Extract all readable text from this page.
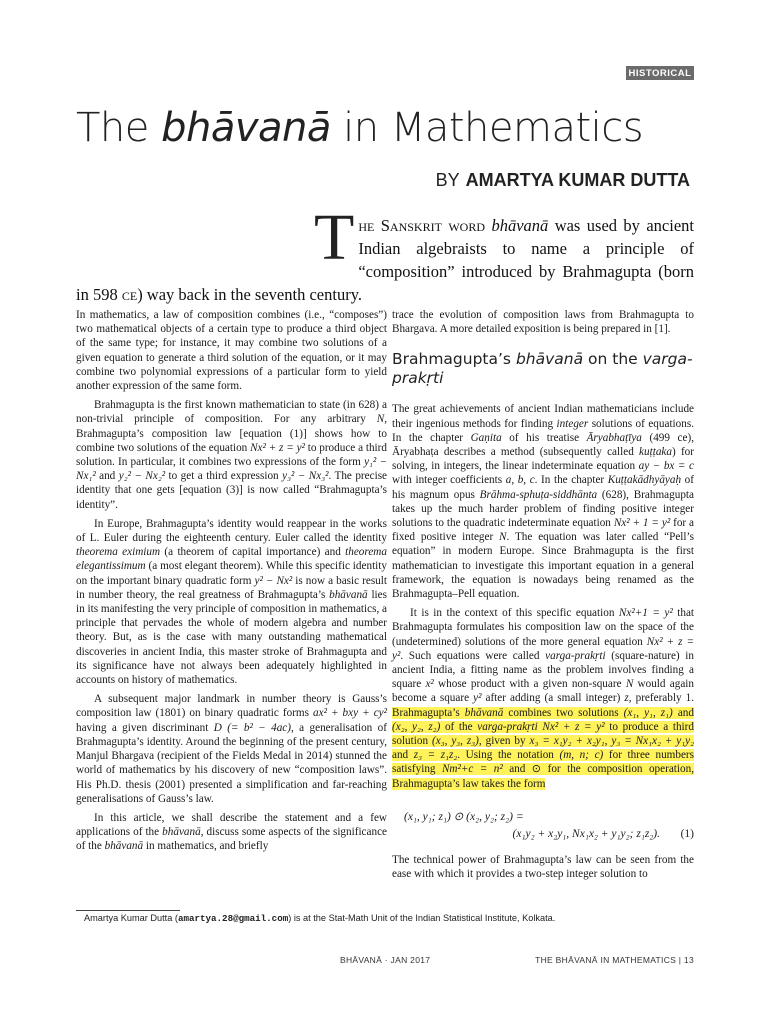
HISTORICAL
The bhāvanā in Mathematics
BY AMARTYA KUMAR DUTTA
The Sanskrit word bhāvanā was used by ancient Indian algebraists to name a principle of “composition” introduced by Brahmagupta (born in 598 ce) way back in the seventh century.

In mathematics, a law of composition combines (i.e., “composes”) two mathematical objects of a certain type to produce a third object of the same type; for instance, it may combine two solutions of a given equation to generate a third solution of the equation, or it may combine two polynomial expressions of a particular form to yield another expression of the same form.

Brahmagupta is the first known mathematician to state (in 628) a non-trivial principle of composition. For any arbitrary N, Brahmagupta’s composition law [equation (1)] shows how to combine two solutions of the equation Nx² + z = y² to produce a third solution. In particular, it combines two expressions of the form y₁² − Nx₁² and y₂² − Nx₂² to get a third expression y₃² − Nx₃². The precise identity that one gets [equation (3)] is now called “Brahmagupta’s identity”.

In Europe, Brahmagupta’s identity would reappear in the works of L. Euler during the eighteenth century. Euler called the identity theorema eximium (a theorem of capital importance) and theorema elegantissimum (a most elegant theorem). While this specific identity on the important binary quadratic form y² − Nx² is now a basic result in number theory, the real greatness of Brahmagupta’s bhāvanā lies in its manifesting the very principle of composition in mathematics, a principle that pervades the whole of modern algebra and number theory. But, as is the case with many outstanding mathematical discoveries in ancient India, this master stroke of Brahmagupta and its significance have not always been adequately highlighted in accounts on history of mathematics.

A subsequent major landmark in number theory is Gauss’s composition law (1801) on binary quadratic forms ax² + bxy + cy² having a given discriminant D (= b² − 4ac), a generalisation of Brahmagupta’s identity. Around the beginning of the present century, Manjul Bhargava (recipient of the Fields Medal in 2014) stunned the world of mathematics by his discovery of new “composition laws”. His Ph.D. thesis (2001) presented a simplification and far-reaching generalisations of Gauss’s law.

In this article, we shall describe the statement and a few applications of the bhāvanā, discuss some aspects of the significance of the bhāvanā in mathematics, and briefly

trace the evolution of composition laws from Brahmagupta to Bhargava. A more detailed exposition is being prepared in [1].

Brahmagupta’s bhāvanā on the varga-prakṛti

The great achievements of ancient Indian mathematicians include their ingenious methods for finding integer solutions of equations. In the chapter Gaṇita of his treatise Āryabhaṭīya (499 ce), Āryabhaṭa describes a method (subsequently called kuṭṭaka) for solving, in integers, the linear indeterminate equation ay − bx = c with integer coefficients a, b, c. In the chapter Kuṭṭakādhyāyaḥ of his magnum opus Brāhma-sphuṭa-siddhānta (628), Brahmagupta takes up the much harder problem of finding positive integer solutions to the quadratic indeterminate equation Nx² + 1 = y² for a fixed positive integer N. The equation was later called “Pell’s equation” in modern Europe. Since Brahmagupta is the first mathematician to investigate this important equation in a general framework, the equation is nowadays being renamed as the Brahmagupta–Pell equation.

It is in the context of this specific equation Nx²+1 = y² that Brahmagupta formulates his composition law on the space of the (undetermined) solutions of the more general equation Nx² + z = y². Such equations were called varga-prakṛti (square-nature) in ancient India, a fitting name as the problem involves finding a square x² whose product with a given non-square N would again become a square y² after adding (a small integer) z, preferably 1. Brahmagupta’s bhāvanā combines two solutions (x₁, y₁, z₁) and (x₂, y₂, z₂) of the varga-prakṛti Nx² + z = y² to produce a third solution (x₃, y₃, z₃), given by x₃ = x₁y₂ + x₂y₁, y₃ = Nx₁x₂ + y₁y₂ and z₃ = z₁z₂. Using the notation (m, n; c) for three numbers satisfying Nm²+c = n² and ⊙ for the composition operation, Brahmagupta’s law takes the form

(x₁, y₁; z₁) ⊙ (x₂, y₂; z₂) =
(x₁y₂ + x₂y₁, Nx₁x₂ + y₁y₂; z₁z₂).	(1)

The technical power of Brahmagupta’s law can be seen from the ease with which it provides a two-step integer solution to

Amartya Kumar Dutta (amartya.28@gmail.com) is at the Stat-Math Unit of the Indian Statistical Institute, Kolkata.
BHĀVANĀ · JAN 2017	THE BHĀVANĀ IN MATHEMATICS | 13
